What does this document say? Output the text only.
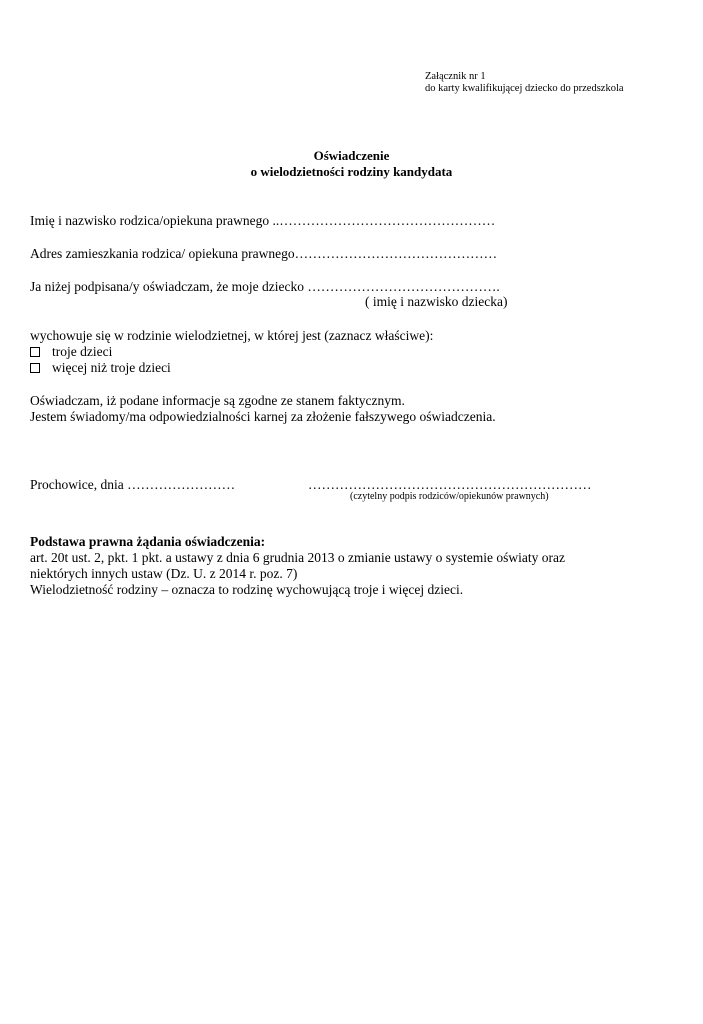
Załącznik nr 1
do karty kwalifikującej dziecko do przedszkola
Oświadczenie
o wielodzietności rodziny kandydata
Imię i nazwisko rodzica/opiekuna prawnego ..…………………………………………
Adres zamieszkania rodzica/ opiekuna prawnego………………………………………
Ja niżej podpisana/y oświadczam, że moje dziecko …………………………………….
( imię i nazwisko dziecka)
wychowuje się w rodzinie wielodzietnej, w której jest (zaznacz właściwe):
troje dzieci
więcej niż troje dzieci
Oświadczam, iż podane informacje są zgodne ze stanem faktycznym.
Jestem świadomy/ma odpowiedzialności karnej za złożenie fałszywego oświadczenia.
Prochowice, dnia ……………………	………………………………………………………
(czytelny podpis rodziców/opiekunów prawnych)
Podstawa prawna żądania oświadczenia:
art. 20t ust. 2, pkt. 1 pkt. a ustawy z dnia 6 grudnia 2013 o zmianie ustawy o systemie oświaty oraz
niektórych innych ustaw (Dz. U. z 2014 r. poz. 7)
Wielodzietność rodziny – oznacza to rodzinę wychowującą troje i więcej dzieci.
